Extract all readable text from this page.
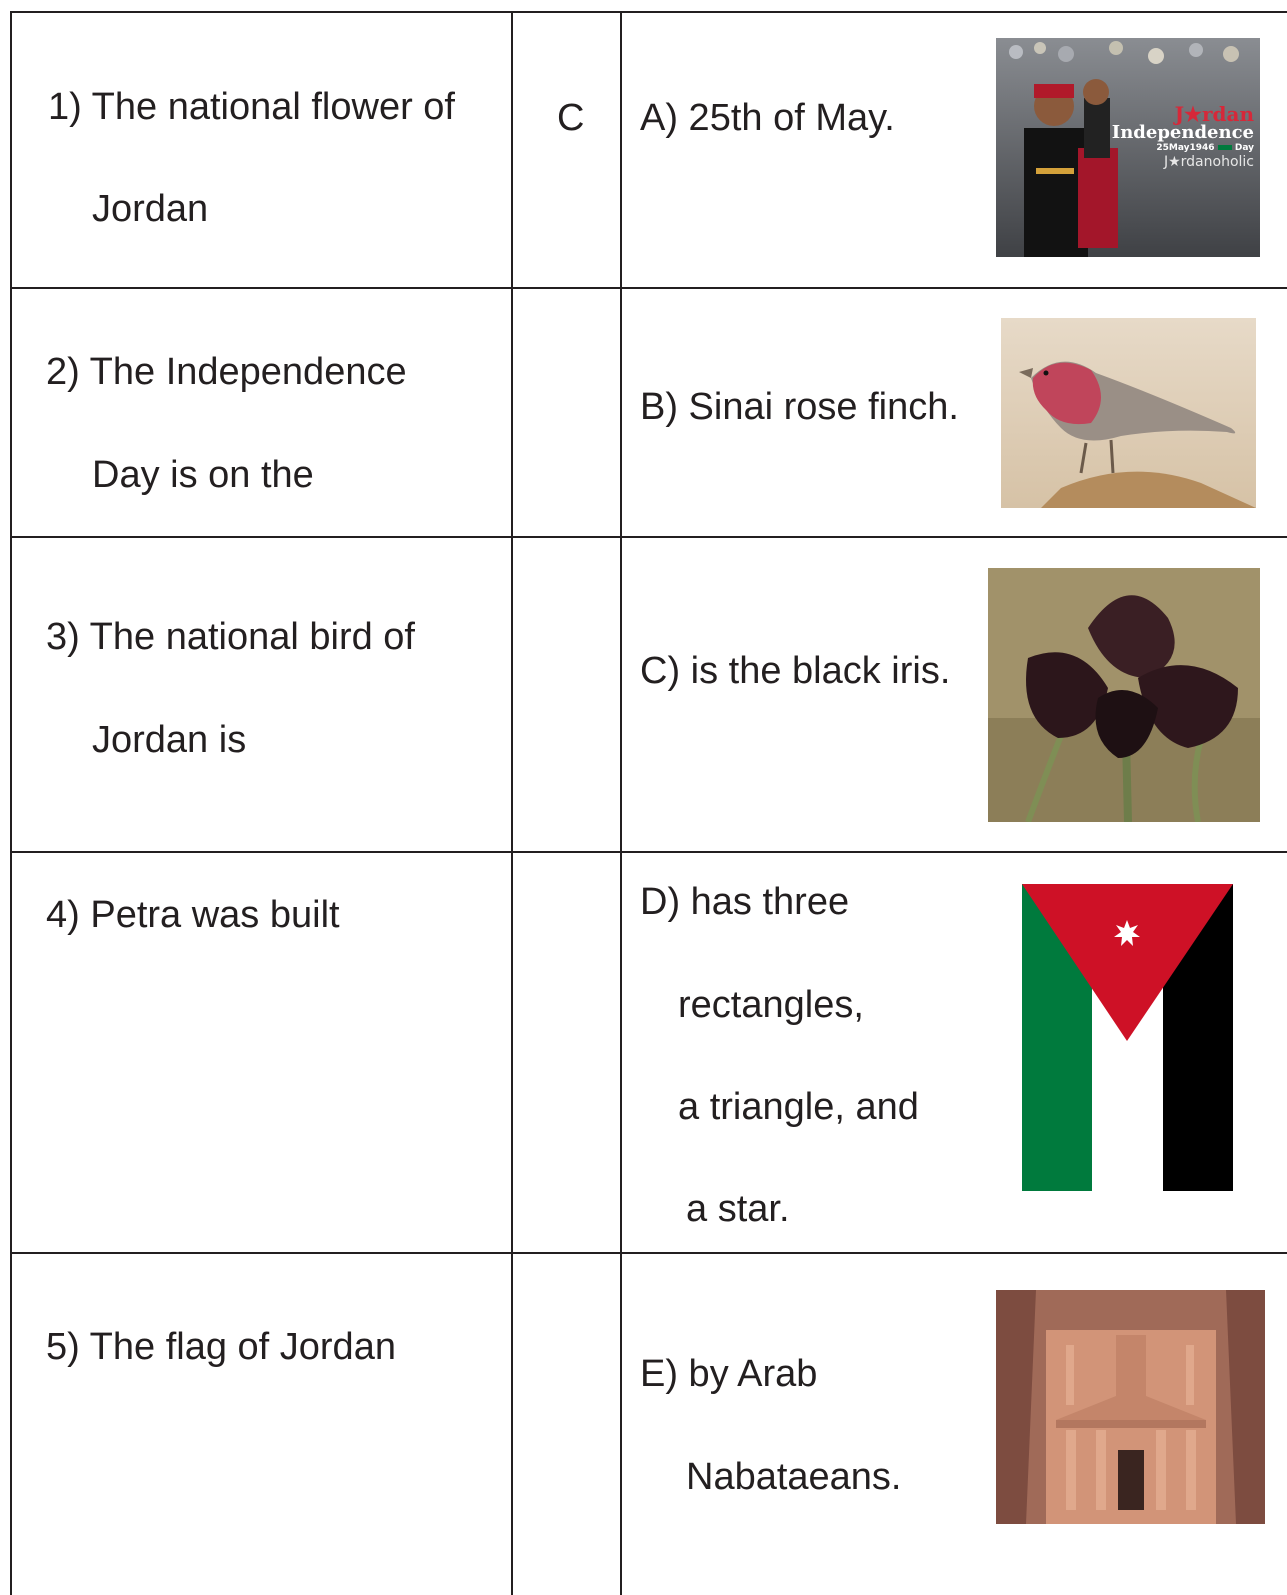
1) The national flower of
Jordan
2) The Independence
Day is on the
3) The national bird of
Jordan is
4) Petra was built
5) The flag of Jordan
C A) 25th of May.
B) Sinai rose finch.
C) is the black iris.
D) has three
rectangles,
a triangle, and
a star.
E) by Arab
Nabataeans.
J★rdan
Independence
25May1946 Day
J★rdanoholic
